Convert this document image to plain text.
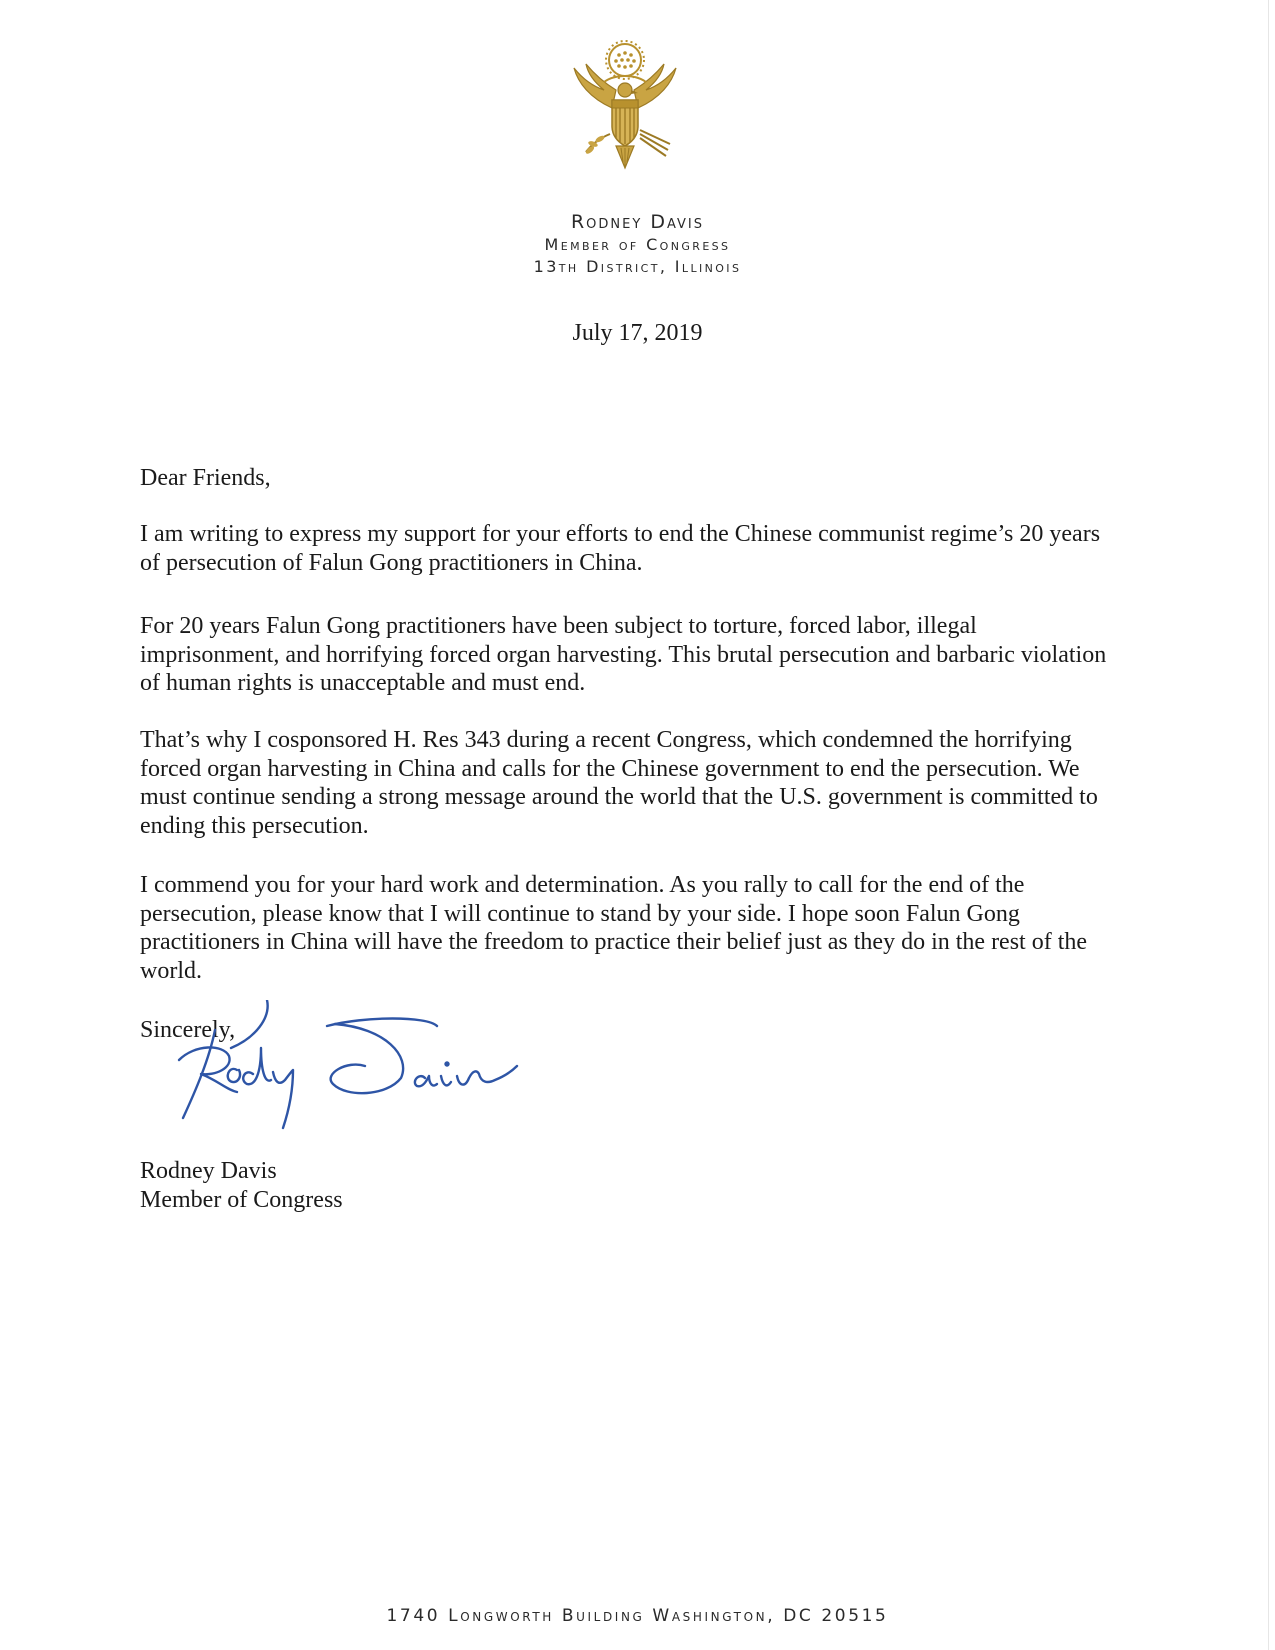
Rodney Davis
Member of Congress
13th District, Illinois
July 17, 2019
Dear Friends,
I am writing to express my support for your efforts to end the Chinese communist regime’s 20 years of persecution of Falun Gong practitioners in China.
For 20 years Falun Gong practitioners have been subject to torture, forced labor, illegal imprisonment, and horrifying forced organ harvesting. This brutal persecution and barbaric violation of human rights is unacceptable and must end.
That’s why I cosponsored H. Res 343 during a recent Congress, which condemned the horrifying forced organ harvesting in China and calls for the Chinese government to end the persecution. We must continue sending a strong message around the world that the U.S. government is committed to ending this persecution.
I commend you for your hard work and determination. As you rally to call for the end of the persecution, please know that I will continue to stand by your side. I hope soon Falun Gong practitioners in China will have the freedom to practice their belief just as they do in the rest of the world.
Sincerely,
Rodney Davis
Member of Congress
1740 Longworth Building Washington, DC 20515
